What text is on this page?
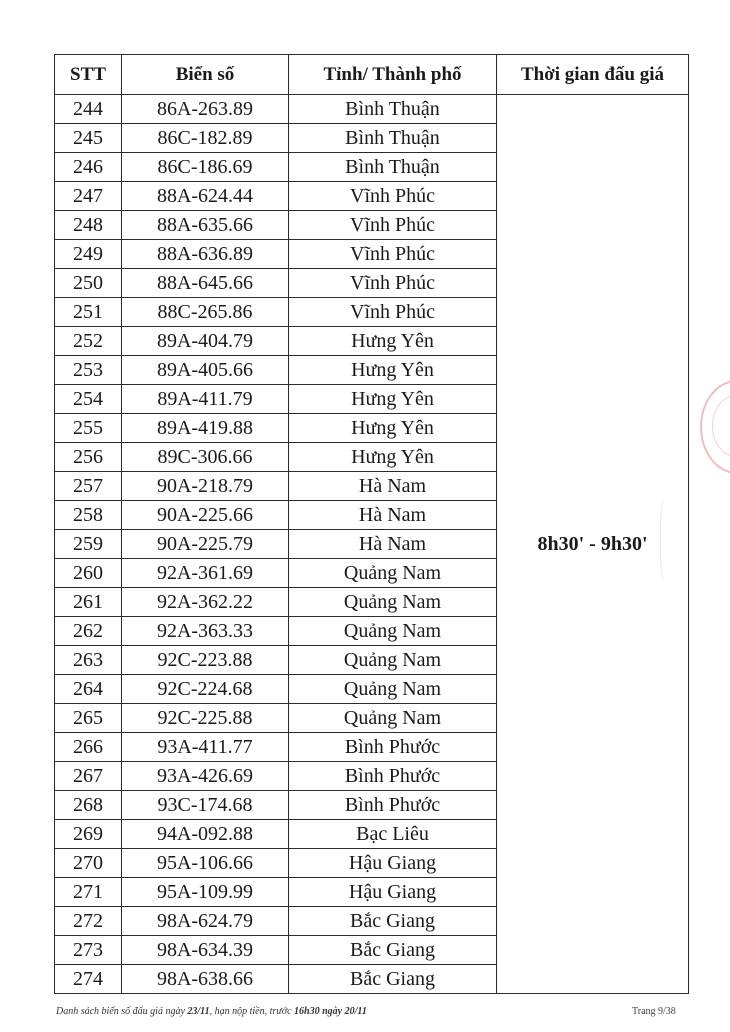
STT	Biển số	Tỉnh/ Thành phố	Thời gian đấu giá
244	86A-263.89	Bình Thuận	8h30' - 9h30'
245	86C-182.89	Bình Thuận	
246	86C-186.69	Bình Thuận	
247	88A-624.44	Vĩnh Phúc	
248	88A-635.66	Vĩnh Phúc	
249	88A-636.89	Vĩnh Phúc	
250	88A-645.66	Vĩnh Phúc	
251	88C-265.86	Vĩnh Phúc	
252	89A-404.79	Hưng Yên	
253	89A-405.66	Hưng Yên	
254	89A-411.79	Hưng Yên	
255	89A-419.88	Hưng Yên	
256	89C-306.66	Hưng Yên	
257	90A-218.79	Hà Nam	
258	90A-225.66	Hà Nam	
259	90A-225.79	Hà Nam	
260	92A-361.69	Quảng Nam	
261	92A-362.22	Quảng Nam	
262	92A-363.33	Quảng Nam	
263	92C-223.88	Quảng Nam	
264	92C-224.68	Quảng Nam	
265	92C-225.88	Quảng Nam	
266	93A-411.77	Bình Phước	
267	93A-426.69	Bình Phước	
268	93C-174.68	Bình Phước	
269	94A-092.88	Bạc Liêu	
270	95A-106.66	Hậu Giang	
271	95A-109.99	Hậu Giang	
272	98A-624.79	Bắc Giang	
273	98A-634.39	Bắc Giang	
274	98A-638.66	Bắc Giang	
Danh sách biển số đấu giá ngày 23/11, hạn nộp tiền, trước 16h30 ngày 20/11	Trang 9/38
